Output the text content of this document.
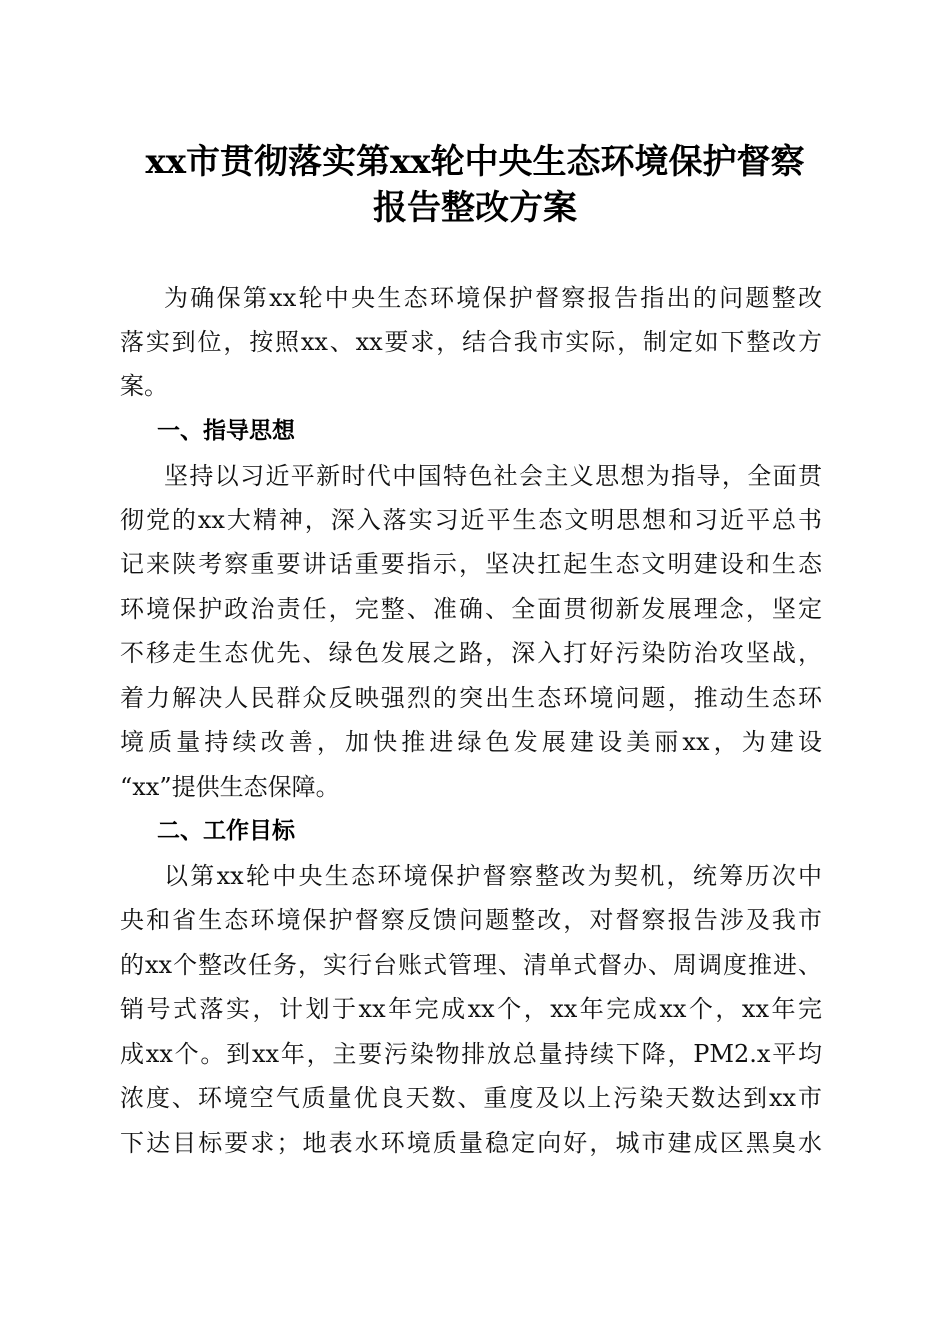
xx市贯彻落实第xx轮中央生态环境保护督察
报告整改方案
为确保第xx轮中央生态环境保护督察报告指出的问题整改
落实到位，按照xx、xx要求，结合我市实际，制定如下整改方
案。
一、指导思想
坚持以习近平新时代中国特色社会主义思想为指导，全面贯
彻党的xx大精神，深入落实习近平生态文明思想和习近平总书
记来陕考察重要讲话重要指示，坚决扛起生态文明建设和生态
环境保护政治责任，完整、准确、全面贯彻新发展理念，坚定
不移走生态优先、绿色发展之路，深入打好污染防治攻坚战，
着力解决人民群众反映强烈的突出生态环境问题，推动生态环
境质量持续改善，加快推进绿色发展建设美丽xx，为建设
“xx”提供生态保障。
二、工作目标
以第xx轮中央生态环境保护督察整改为契机，统筹历次中
央和省生态环境保护督察反馈问题整改，对督察报告涉及我市
的xx个整改任务，实行台账式管理、清单式督办、周调度推进、
销号式落实，计划于xx年完成xx个，xx年完成xx个，xx年完
成xx个。到xx年，主要污染物排放总量持续下降，PM2.x平均
浓度、环境空气质量优良天数、重度及以上污染天数达到xx市
下达目标要求；地表水环境质量稳定向好，城市建成区黑臭水
